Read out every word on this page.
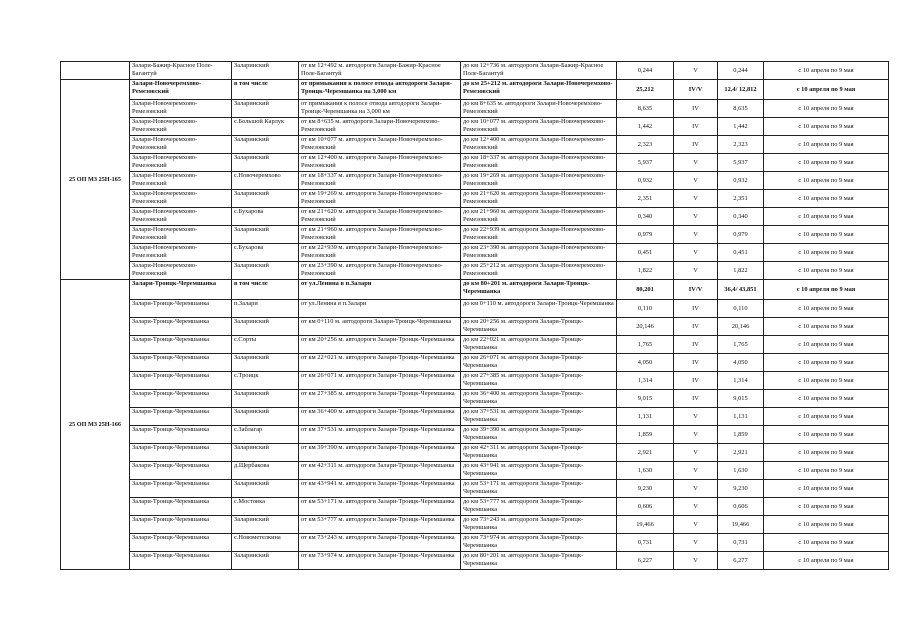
	Залари-Бажир-Красное Поле-Багантуй	Заларинский	от км 12+492 м. автодороги Залари-Бажир-Красное Поле-Багантуй	до км 12+736 м. автодороги Залари-Бажир-Красное Поле-Багантуй	0,244	V	0,244	с 10 апреля по 9 мая
25 ОП МЗ 25Н-165	Залари-Новочеремхово-Ремезовский	в том числе	от примыкания к полосе отвода автодороги Залари-Троицк-Черемшанка на 3,000 км	до км 25+212 м. автодороги Залари-Новочеремхово-Ремезовский	25,212	IV/V	12,4/ 12,812	с 10 апреля по 9 мая
	Залари-Новочеремхово-Ремезовский	Заларинский	от примыкания к полосе отвода автодороги Залари-Троицк-Черемшанка на 3,000 км	до км 8+635 м. автодороги Залари-Новочеремхово-Ремезовский	8,635	IV	8,635	с 10 апреля по 9 мая
	Залари-Новочеремхово-Ремезовский	с.Большой Карлук	от км 8+635 м. автодороги Залари-Новочеремхово-Ремезовский	до км 10+077 м. автодороги Залари-Новочеремхово-Ремезовский	1,442	IV	1,442	с 10 апреля по 9 мая
	Залари-Новочеремхово-Ремезовский	Заларинский	от км 10+077 м. автодороги Залари-Новочеремхово-Ремезовский	до км 12+400 м. автодороги Залари-Новочеремхово-Ремезовский	2,323	IV	2,323	с 10 апреля по 9 мая
	Залари-Новочеремхово-Ремезовский	Заларинский	от км 12+400 м. автодороги Залари-Новочеремхово-Ремезовский	до км 18+337 м. автодороги Залари-Новочеремхово-Ремезовский	5,937	V	5,937	с 10 апреля по 9 мая
	Залари-Новочеремхово-Ремезовский	с.Новочеремхово	от км 18+337 м. автодороги Залари-Новочеремхово-Ремезовский	до км 19+269 м. автодороги Залари-Новочеремхово-Ремезовский	0,932	V	0,932	с 10 апреля по 9 мая
	Залари-Новочеремхово-Ремезовский	Заларинский	от км 19+269 м. автодороги Залари-Новочеремхово-Ремезовский	до км 21+620 м. автодороги Залари-Новочеремхово-Ремезовский	2,351	V	2,351	с 10 апреля по 9 мая
	Залари-Новочеремхово-Ремезовский	с.Бухарова	от км 21+620 м. автодороги Залари-Новочеремхово-Ремезовский	до км 21+960 м. автодороги Залари-Новочеремхово-Ремезовский	0,340	V	0,340	с 10 апреля по 9 мая
	Залари-Новочеремхово-Ремезовский	Заларинский	от км 21+960 м. автодороги Залари-Новочеремхово-Ремезовский	до км 22+939 м. автодороги Залари-Новочеремхово-Ремезовский	0,979	V	0,979	с 10 апреля по 9 мая
	Залари-Новочеремхово-Ремезовский	с.Бухарова	от км 22+939 м. автодороги Залари-Новочеремхово-Ремезовский	до км 23+390 м. автодороги Залари-Новочеремхово-Ремезовский	0,451	V	0,451	с 10 апреля по 9 мая
	Залари-Новочеремхово-Ремезовский	Заларинский	от км 23+390 м. автодороги Залари-Новочеремхово-Ремезовский	до км 25+212 м. автодороги Залари-Новочеремхово-Ремезовский	1,822	V	1,822	с 10 апреля по 9 мая
25 ОП МЗ 25Н-166	Залари-Троицк-Черемшанка	в том числе	от ул.Ленина в п.Залари	до км 80+201 м. автодороги Залари-Троицк-Черемшанка	80,201	IV/V	36,4/ 43,851	с 10 апреля по 9 мая
	Залари-Троицк-Черемшанка	п.Залари	от ул.Ленина в п.Залари	до км 0+110 м. автодороги Залари-Троицк-Черемшанка	0,110	IV	0,110	с 10 апреля по 9 мая
	Залари-Троицк-Черемшанка	Заларинский	от км 0+110 м. автодороги Залари-Троицк-Черемшанка	до км 20+256 м. автодороги Залари-Троицк-Черемшанка	20,146	IV	20,146	с 10 апреля по 9 мая
	Залари-Троицк-Черемшанка	с.Сорты	от км 20+256 м. автодороги Залари-Троицк-Черемшанка	до км 22+021 м. автодороги Залари-Троицк-Черемшанка	1,765	IV	1,765	с 10 апреля по 9 мая
	Залари-Троицк-Черемшанка	Заларинский	от км 22+021 м. автодороги Залари-Троицк-Черемшанка	до км 26+071 м. автодороги Залари-Троицк-Черемшанка	4,050	IV	4,050	с 10 апреля по 9 мая
	Залари-Троицк-Черемшанка	с.Троицк	от км 26+071 м. автодороги Залари-Троицк-Черемшанка	до км 27+385 м. автодороги Залари-Троицк-Черемшанка	1,314	IV	1,314	с 10 апреля по 9 мая
	Залари-Троицк-Черемшанка	Заларинский	от км 27+385 м. автодороги Залари-Троицк-Черемшанка	до км 36+400 м. автодороги Залари-Троицк-Черемшанка	9,015	IV	9,015	с 10 апреля по 9 мая
	Залари-Троицк-Черемшанка	Заларинский	от км 36+400 м. автодороги Залари-Троицк-Черемшанка	до км 37+531 м. автодороги Залари-Троицк-Черемшанка	1,131	V	1,131	с 10 апреля по 9 мая
	Залари-Троицк-Черемшанка	с.Заблагар	от км 37+531 м. автодороги Залари-Троицк-Черемшанка	до км 39+390 м. автодороги Залари-Троицк-Черемшанка	1,859	V	1,859	с 10 апреля по 9 мая
	Залари-Троицк-Черемшанка	Заларинский	от км 39+390 м. автодороги Залари-Троицк-Черемшанка	до км 42+311 м. автодороги Залари-Троицк-Черемшанка	2,921	V	2,921	с 10 апреля по 9 мая
	Залари-Троицк-Черемшанка	д.Щербакова	от км 42+311 м. автодороги Залари-Троицк-Черемшанка	до км 43+941 м. автодороги Залари-Троицк-Черемшанка	1,630	V	1,630	с 10 апреля по 9 мая
	Залари-Троицк-Черемшанка	Заларинский	от км 43+941 м. автодороги Залари-Троицк-Черемшанка	до км 53+171 м. автодороги Залари-Троицк-Черемшанка	9,230	V	9,230	с 10 апреля по 9 мая
	Залари-Троицк-Черемшанка	с.Мостовка	от км 53+171 м. автодороги Залари-Троицк-Черемшанка	до км 53+777 м. автодороги Залари-Троицк-Черемшанка	0,606	V	0,606	с 10 апреля по 9 мая
	Залари-Троицк-Черемшанка	Заларинский	от км 53+777 м. автодороги Залари-Троицк-Черемшанка	до км 73+243 м. автодороги Залари-Троицк-Черемшанка	19,466	V	19,466	с 10 апреля по 9 мая
	Залари-Троицк-Черемшанка	с.Новометелкина	от км 73+243 м. автодороги Залари-Троицк-Черемшанка	до км 73+974 м. автодороги Залари-Троицк-Черемшанка	0,731	V	0,731	с 10 апреля по 9 мая
	Залари-Троицк-Черемшанка	Заларинский	от км 73+974 м. автодороги Залари-Троицк-Черемшанка	до км 80+201 м. автодороги Залари-Троицк-Черемшанка	6,227	V	6,277	с 10 апреля по 9 мая
